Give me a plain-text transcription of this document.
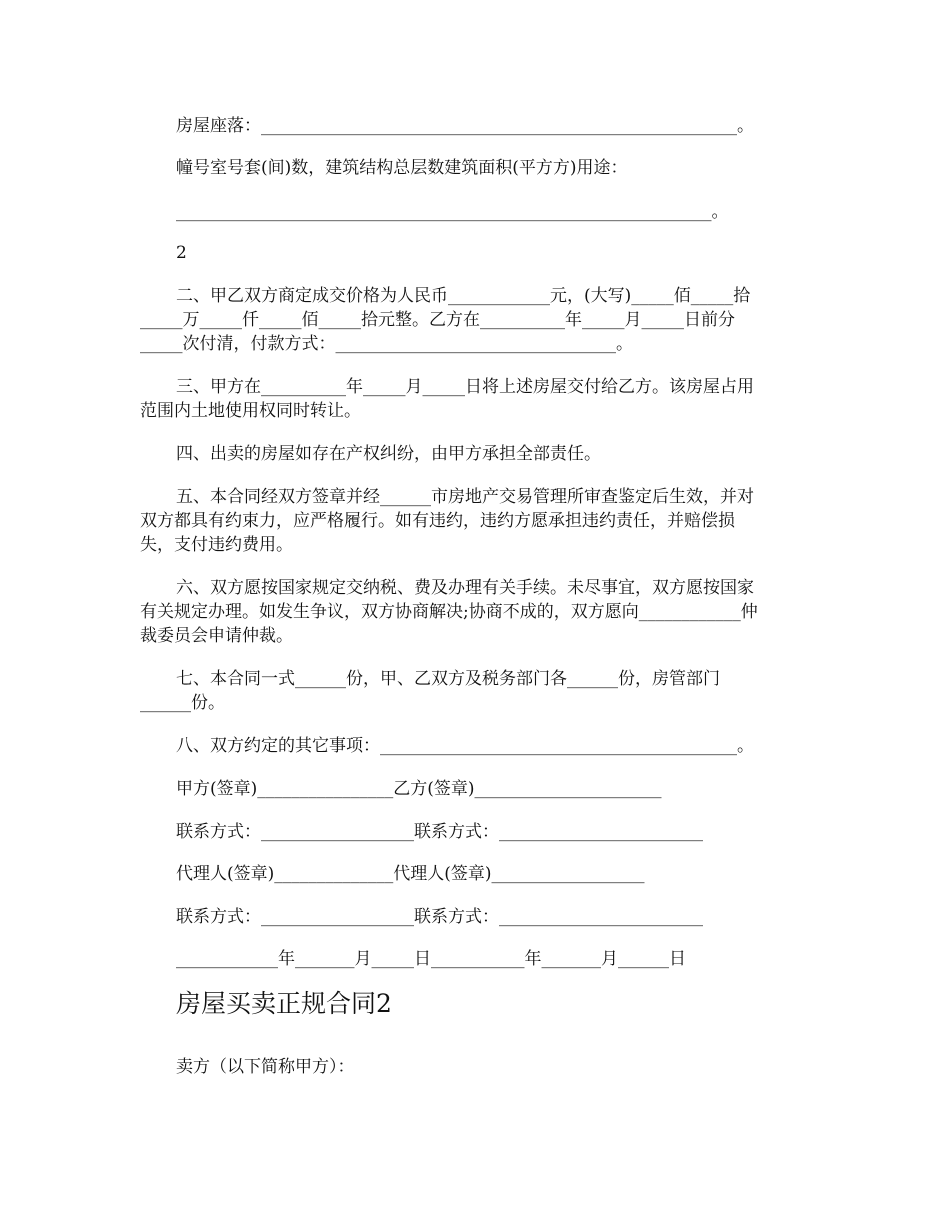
房屋座落：________________________________________________________。
幢号室号套(间)数，建筑结构总层数建筑面积(平方方)用途：
_______________________________________________________________。
2
二、甲乙双方商定成交价格为人民币____________元，(大写)_____佰_____拾
_____万_____仟_____佰_____拾元整。乙方在__________年_____月_____日前分
_____次付清，付款方式：_________________________________。
三、甲方在__________年_____月_____日将上述房屋交付给乙方。该房屋占用
范围内土地使用权同时转让。
四、出卖的房屋如存在产权纠纷，由甲方承担全部责任。
五、本合同经双方签章并经______市房地产交易管理所审查鉴定后生效，并对
双方都具有约束力，应严格履行。如有违约，违约方愿承担违约责任，并赔偿损
失，支付违约费用。
六、双方愿按国家规定交纳税、费及办理有关手续。未尽事宜，双方愿按国家
有关规定办理。如发生争议，双方协商解决;协商不成的，双方愿向____________仲
裁委员会申请仲裁。
七、本合同一式______份，甲、乙双方及税务部门各______份，房管部门
______份。
八、双方约定的其它事项：__________________________________________。
甲方(签章)________________乙方(签章)______________________
联系方式：__________________联系方式：________________________
代理人(签章)______________代理人(签章)__________________
联系方式：__________________联系方式：________________________
____________年_______月_____日___________年_______月______日
房屋买卖正规合同2
卖方（以下简称甲方）：
